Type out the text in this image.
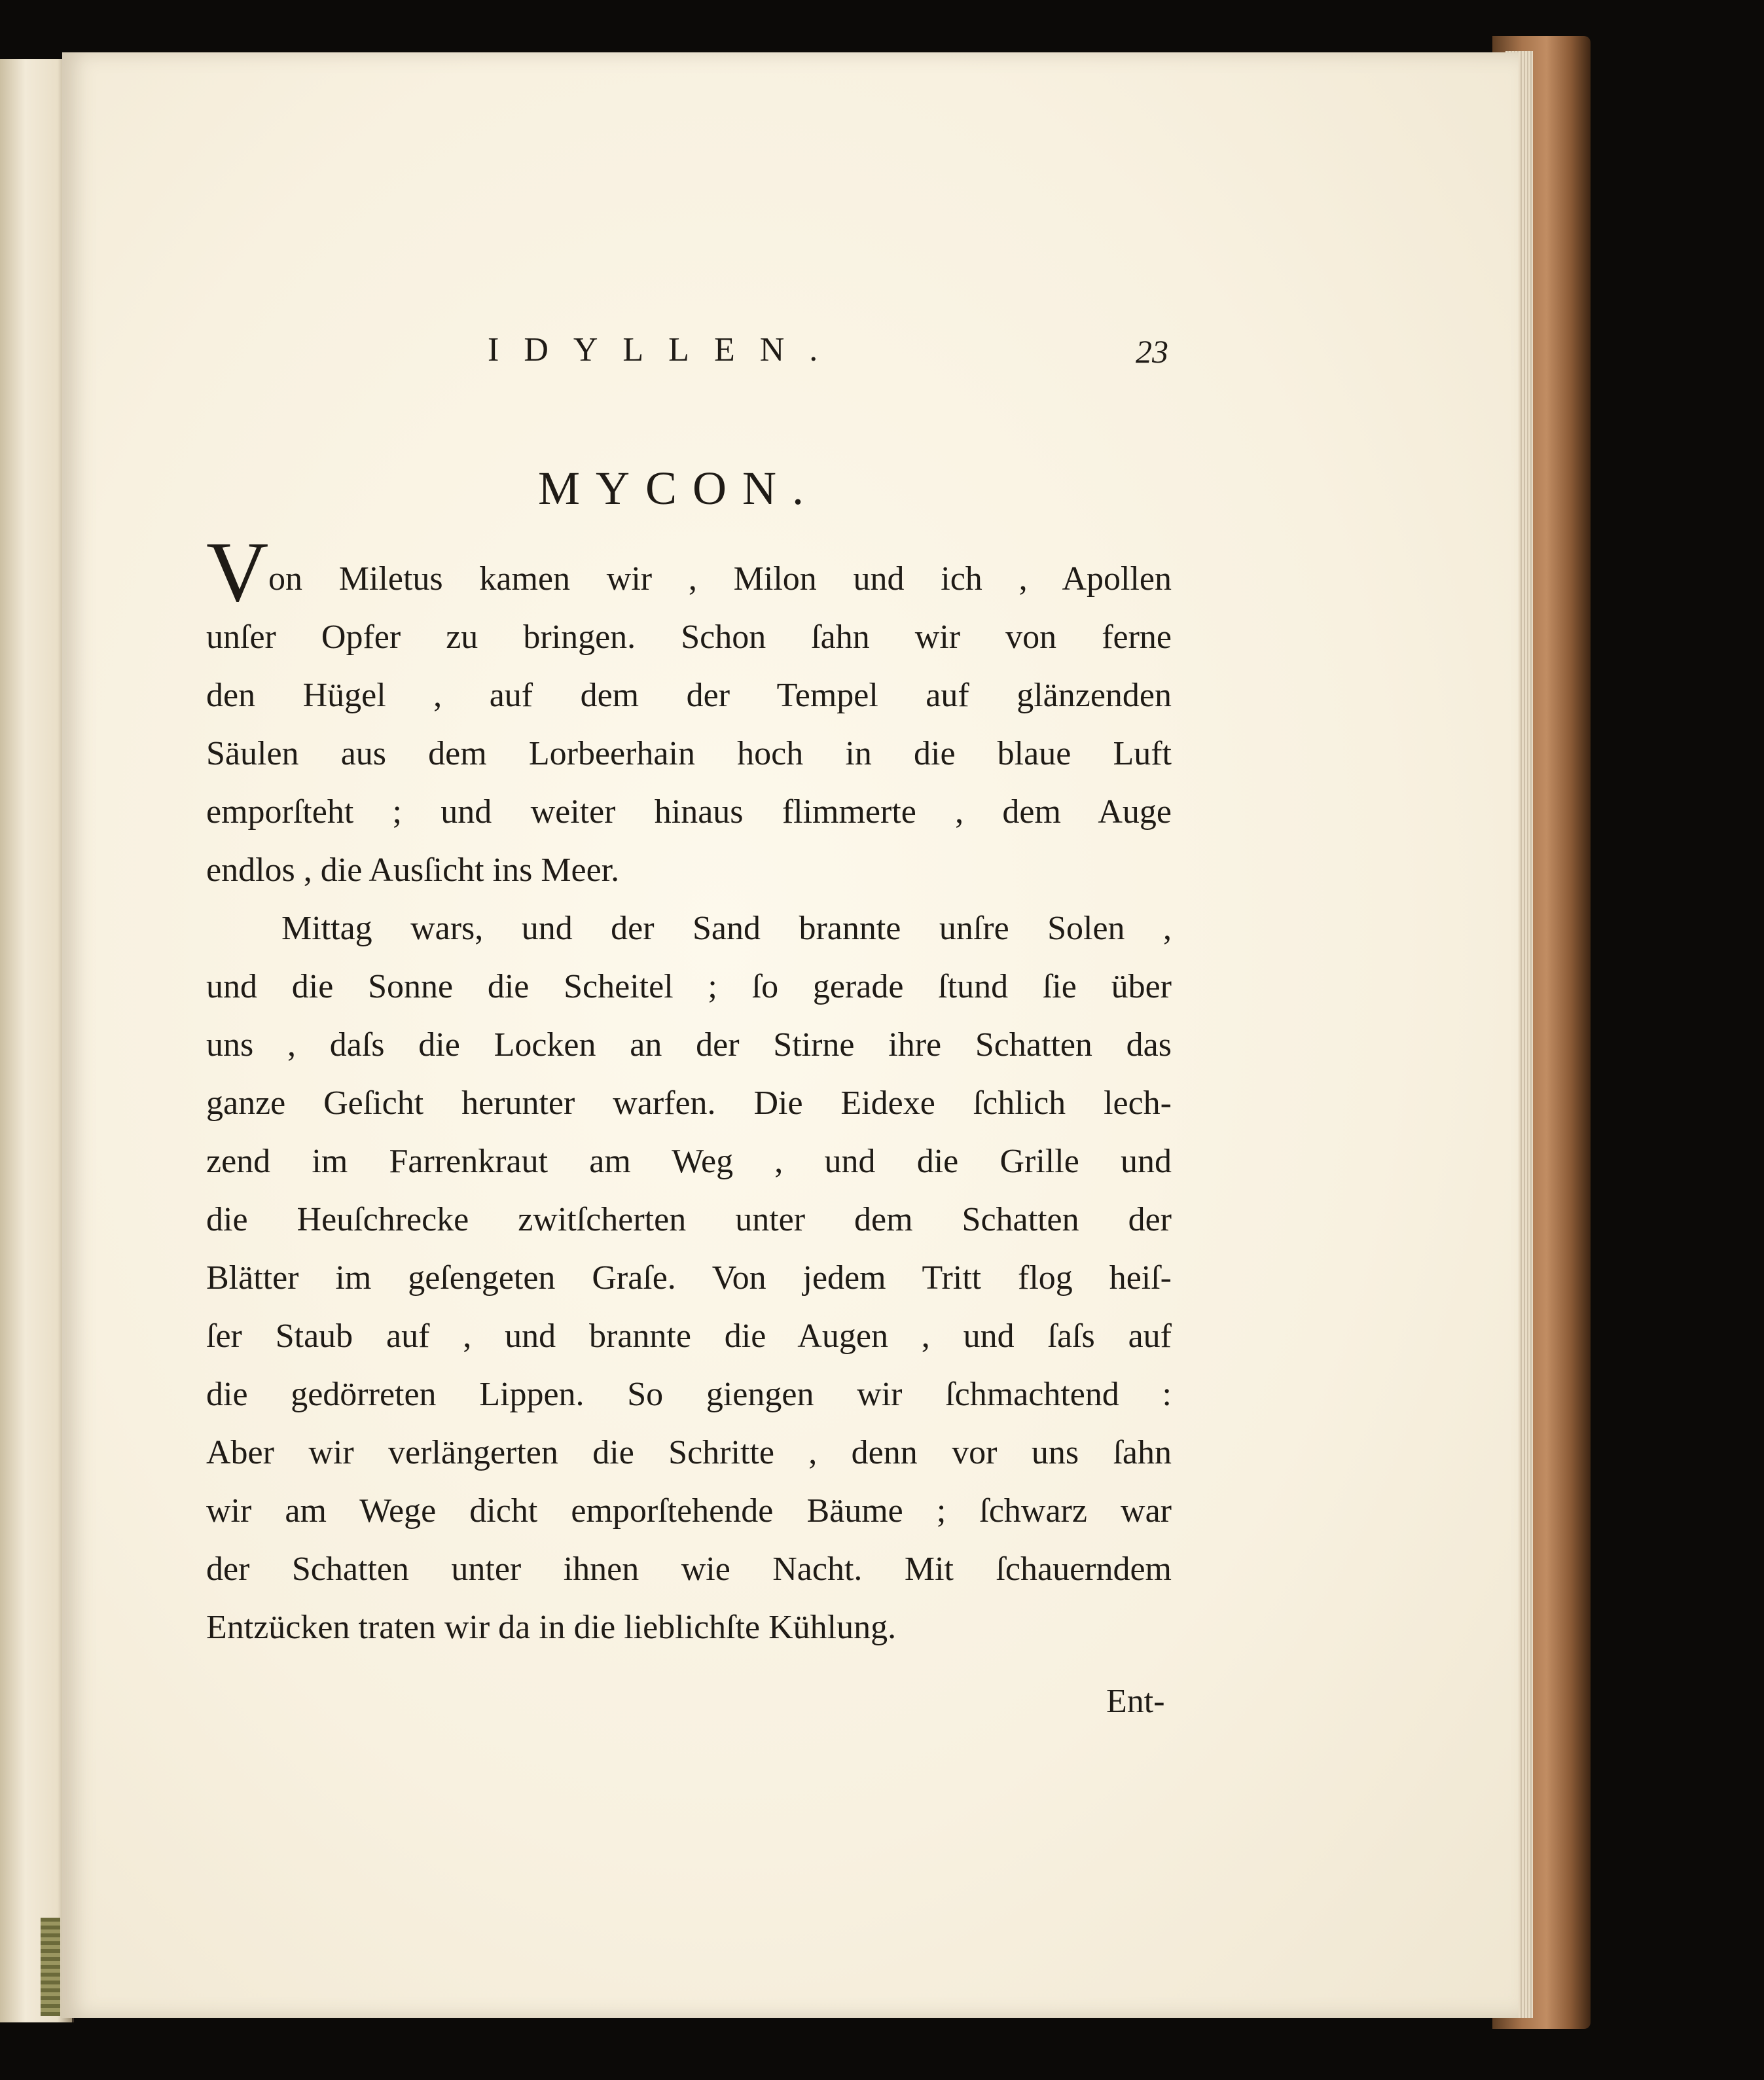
IDYLLEN.	23
MYCON.
V on Miletus kamen wir , Milon und ich , Apollen
unſer Opfer zu bringen. Schon ſahn wir von ferne
den Hügel , auf dem der Tempel auf glänzenden
Säulen aus dem Lorbeerhain hoch in die blaue Luft
emporſteht ; und weiter hinaus flimmerte , dem Auge
endlos , die Ausſicht ins Meer.
Mittag wars, und der Sand brannte unſre Solen ,
und die Sonne die Scheitel ; ſo gerade ſtund ſie über
uns , daſs die Locken an der Stirne ihre Schatten das
ganze Geſicht herunter warfen. Die Eidexe ſchlich lech-
zend im Farrenkraut am Weg , und die Grille und
die Heuſchrecke zwitſcherten unter dem Schatten der
Blätter im geſengeten Graſe. Von jedem Tritt flog heiſ-
ſer Staub auf , und brannte die Augen , und ſaſs auf
die gedörreten Lippen. So giengen wir ſchmachtend :
Aber wir verlängerten die Schritte , denn vor uns ſahn
wir am Wege dicht emporſtehende Bäume ; ſchwarz war
der Schatten unter ihnen wie Nacht. Mit ſchauerndem
Entzücken traten wir da in die lieblichſte Kühlung.
Ent-
